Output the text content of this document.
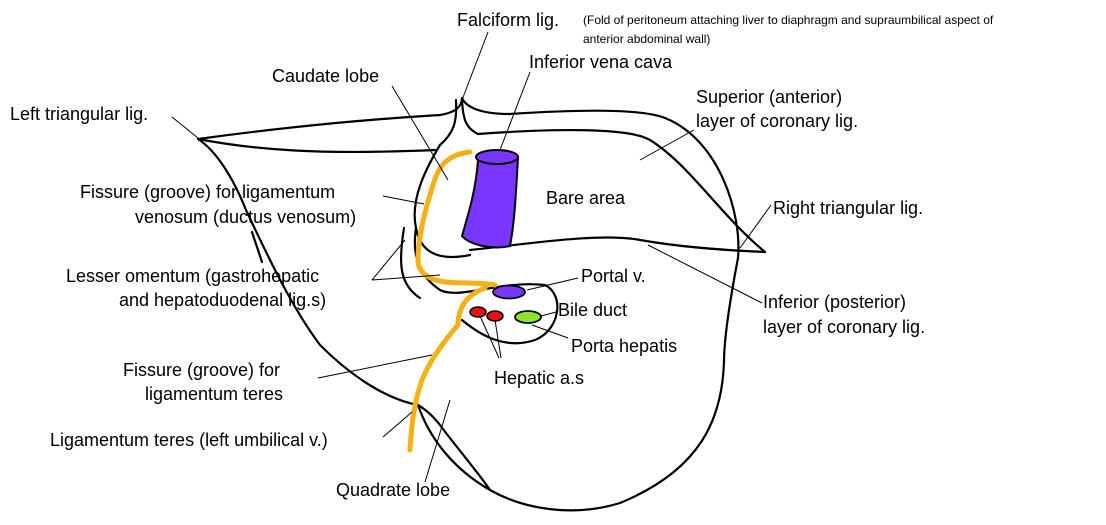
Falciform lig. (Fold of peritoneum attaching liver to diaphragm and supraumbilical aspect of
anterior abdominal wall)
Caudate lobe
Inferior vena cava
Left triangular lig.
Superior (anterior)
layer of coronary lig.
Fissure (groove) for ligamentum
venosum (ductus venosum)
Bare area	Right triangular lig.
Lesser omentum (gastrohepatic
and hepatoduodenal lig.s)
Portal v.
Bile duct	Inferior (posterior)
layer of coronary lig.
Porta hepatis
Fissure (groove) for
ligamentum teres
Hepatic a.s
Ligamentum teres (left umbilical v.)
Quadrate lobe
